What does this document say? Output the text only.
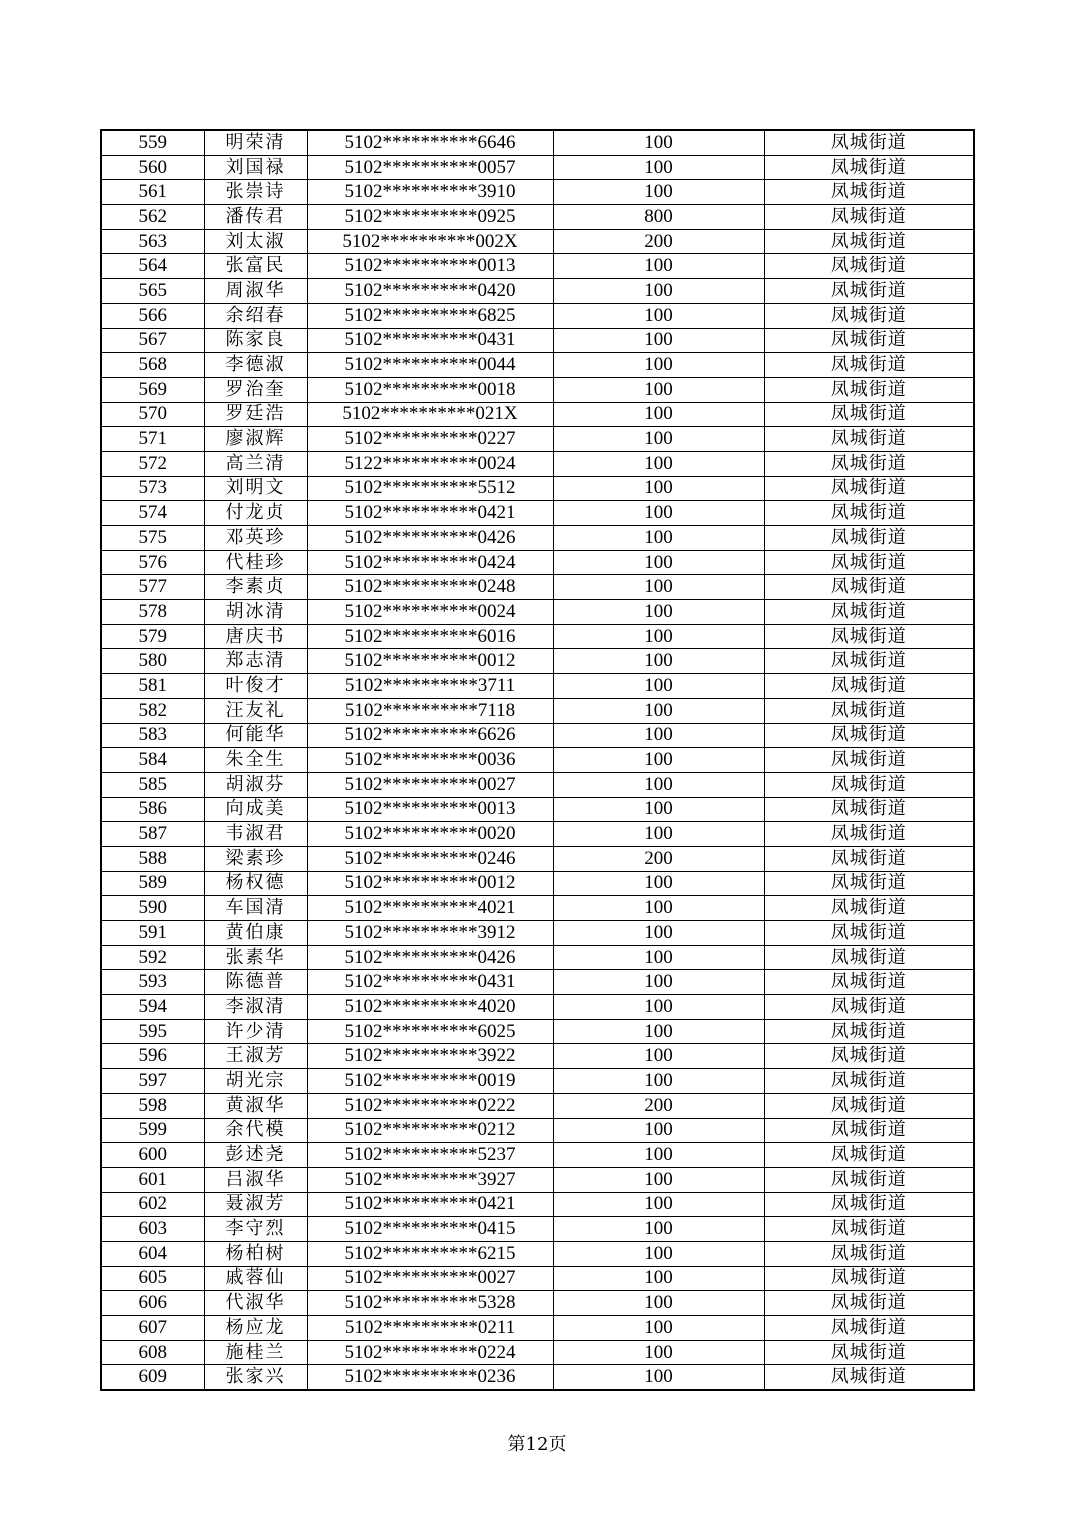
559	明荣清	5102**********6646	100	凤城街道
560	刘国禄	5102**********0057	100	凤城街道
561	张崇诗	5102**********3910	100	凤城街道
562	潘传君	5102**********0925	800	凤城街道
563	刘太淑	5102**********002X	200	凤城街道
564	张富民	5102**********0013	100	凤城街道
565	周淑华	5102**********0420	100	凤城街道
566	余绍春	5102**********6825	100	凤城街道
567	陈家良	5102**********0431	100	凤城街道
568	李德淑	5102**********0044	100	凤城街道
569	罗治奎	5102**********0018	100	凤城街道
570	罗廷浩	5102**********021X	100	凤城街道
571	廖淑辉	5102**********0227	100	凤城街道
572	高兰清	5122**********0024	100	凤城街道
573	刘明文	5102**********5512	100	凤城街道
574	付龙贞	5102**********0421	100	凤城街道
575	邓英珍	5102**********0426	100	凤城街道
576	代桂珍	5102**********0424	100	凤城街道
577	李素贞	5102**********0248	100	凤城街道
578	胡冰清	5102**********0024	100	凤城街道
579	唐庆书	5102**********6016	100	凤城街道
580	郑志清	5102**********0012	100	凤城街道
581	叶俊才	5102**********3711	100	凤城街道
582	汪友礼	5102**********7118	100	凤城街道
583	何能华	5102**********6626	100	凤城街道
584	朱全生	5102**********0036	100	凤城街道
585	胡淑芬	5102**********0027	100	凤城街道
586	向成美	5102**********0013	100	凤城街道
587	韦淑君	5102**********0020	100	凤城街道
588	梁素珍	5102**********0246	200	凤城街道
589	杨权德	5102**********0012	100	凤城街道
590	车国清	5102**********4021	100	凤城街道
591	黄伯康	5102**********3912	100	凤城街道
592	张素华	5102**********0426	100	凤城街道
593	陈德普	5102**********0431	100	凤城街道
594	李淑清	5102**********4020	100	凤城街道
595	许少清	5102**********6025	100	凤城街道
596	王淑芳	5102**********3922	100	凤城街道
597	胡光宗	5102**********0019	100	凤城街道
598	黄淑华	5102**********0222	200	凤城街道
599	余代模	5102**********0212	100	凤城街道
600	彭述尧	5102**********5237	100	凤城街道
601	吕淑华	5102**********3927	100	凤城街道
602	聂淑芳	5102**********0421	100	凤城街道
603	李守烈	5102**********0415	100	凤城街道
604	杨柏树	5102**********6215	100	凤城街道
605	戚蓉仙	5102**********0027	100	凤城街道
606	代淑华	5102**********5328	100	凤城街道
607	杨应龙	5102**********0211	100	凤城街道
608	施桂兰	5102**********0224	100	凤城街道
609	张家兴	5102**********0236	100	凤城街道
第12页
